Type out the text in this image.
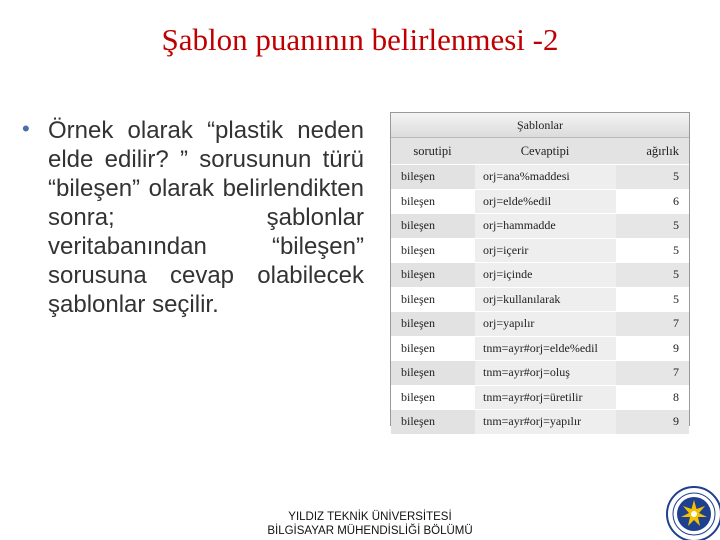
Şablon puanının belirlenmesi -2
• Örnek olarak “plastik neden elde edilir? ” sorusunun türü “bileşen” olarak belirlendikten sonra; şablonlar veritabanından “bileşen” sorusuna cevap olabilecek şablonlar seçilir.
Şablonlar
sorutipi	Cevaptipi	ağırlık
bileşen	orj=ana%maddesi	5
bileşen	orj=elde%edil	6
bileşen	orj=hammadde	5
bileşen	orj=içerir	5
bileşen	orj=içinde	5
bileşen	orj=kullanılarak	5
bileşen	orj=yapılır	7
bileşen	tnm=ayr#orj=elde%edil	9
bileşen	tnm=ayr#orj=oluş	7
bileşen	tnm=ayr#orj=üretilir	8
bileşen	tnm=ayr#orj=yapılır	9
YILDIZ TEKNİK ÜNİVERSİTESİ
BİLGİSAYAR MÜHENDİSLİĞİ BÖLÜMÜ
